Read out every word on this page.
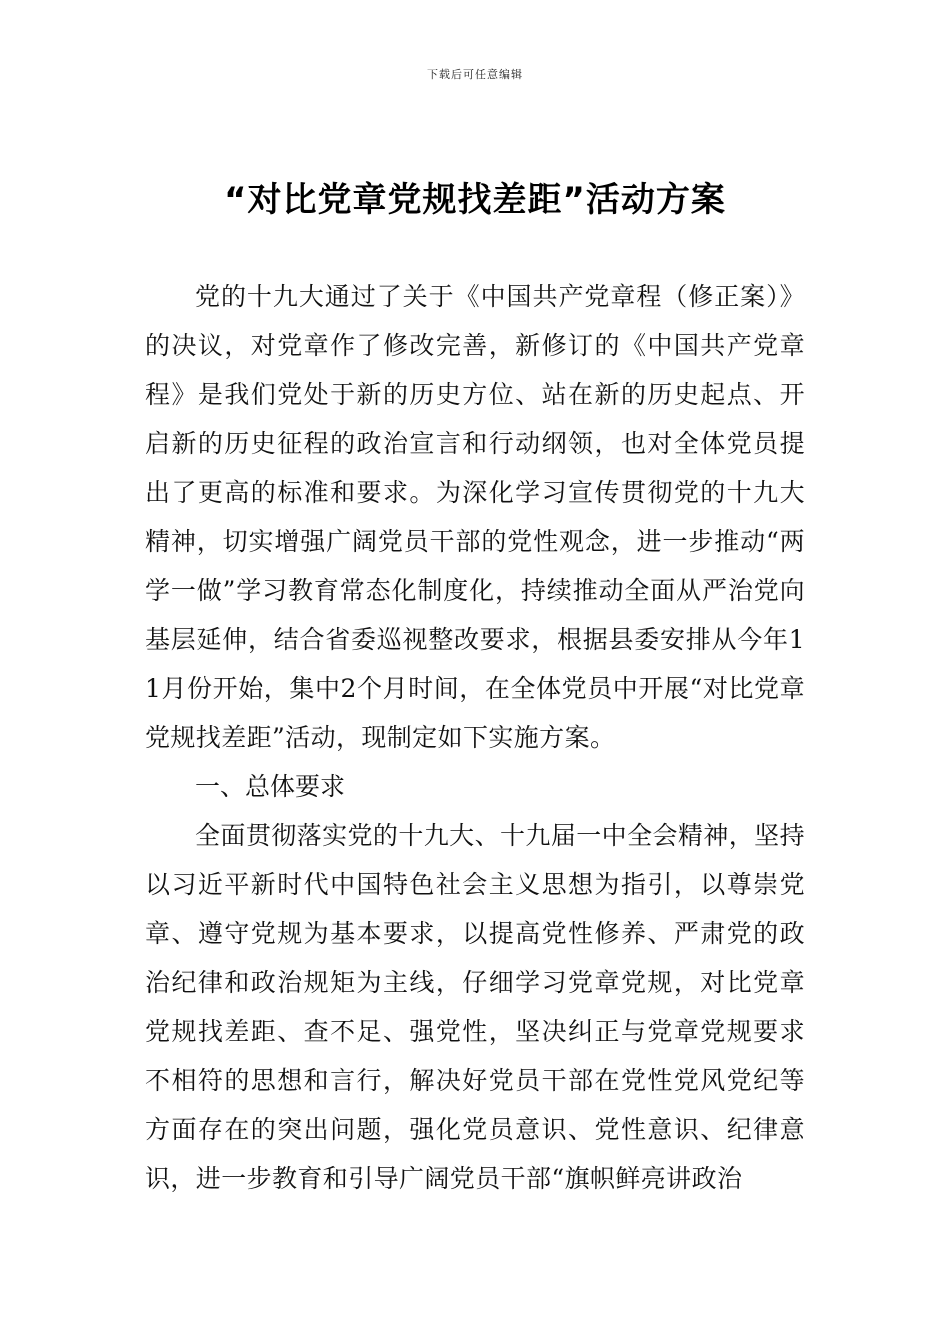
下载后可任意编辑
“对比党章党规找差距”活动方案

党的十九大通过了关于《中国共产党章程（修正案）》的决议，对党章作了修改完善，新修订的《中国共产党章程》是我们党处于新的历史方位、站在新的历史起点、开启新的历史征程的政治宣言和行动纲领，也对全体党员提出了更高的标准和要求。为深化学习宣传贯彻党的十九大精神，切实增强广阔党员干部的党性观念，进一步推动“两学一做”学习教育常态化制度化，持续推动全面从严治党向基层延伸，结合省委巡视整改要求，根据县委安排从今年11月份开始，集中2个月时间，在全体党员中开展“对比党章党规找差距”活动，现制定如下实施方案。

一、总体要求

全面贯彻落实党的十九大、十九届一中全会精神，坚持以习近平新时代中国特色社会主义思想为指引，以尊崇党章、遵守党规为基本要求，以提高党性修养、严肃党的政治纪律和政治规矩为主线，仔细学习党章党规，对比党章党规找差距、查不足、强党性，坚决纠正与党章党规要求不相符的思想和言行，解决好党员干部在党性党风党纪等方面存在的突出问题，强化党员意识、党性意识、纪律意识，进一步教育和引导广阔党员干部“旗帜鲜亮讲政治
